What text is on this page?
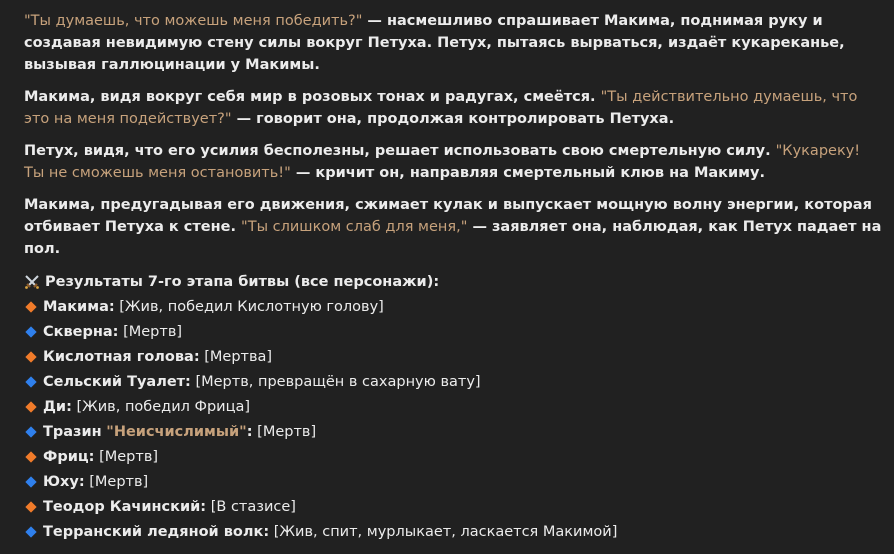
"Ты думаешь, что можешь меня победить?" — насмешливо спрашивает Макима, поднимая руку и создавая невидимую стену силы вокруг Петуха. Петух, пытаясь вырваться, издаёт кукареканье, вызывая галлюцинации у Макимы.

Макима, видя вокруг себя мир в розовых тонах и радугах, смеётся. "Ты действительно думаешь, что это на меня подействует?" — говорит она, продолжая контролировать Петуха.

Петух, видя, что его усилия бесполезны, решает использовать свою смертельную силу. "Кукареку! Ты не сможешь меня остановить!" — кричит он, направляя смертельный клюв на Макиму.

Макима, предугадывая его движения, сжимает кулак и выпускает мощную волну энергии, которая отбивает Петуха к стене. "Ты слишком слаб для меня," — заявляет она, наблюдая, как Петух падает на пол.

Результаты 7-го этапа битвы (все персонажи):
Макима:
[Жив, победил Кислотную голову]
Скверна:
[Мертв]
Кислотная голова:
[Мертва]
Сельский Туалет:
[Мертв, превращён в сахарную вату]
Ди:
[Жив, победил Фрица]
Тразин
"Неисчислимый" :
[Мертв]
Фриц:
[Мертв]
Юху:
[Мертв]
Теодор Качинский:
[В стазисе]
Терранский ледяной волк:
[Жив, спит, мурлыкает, ласкается Макимой]
